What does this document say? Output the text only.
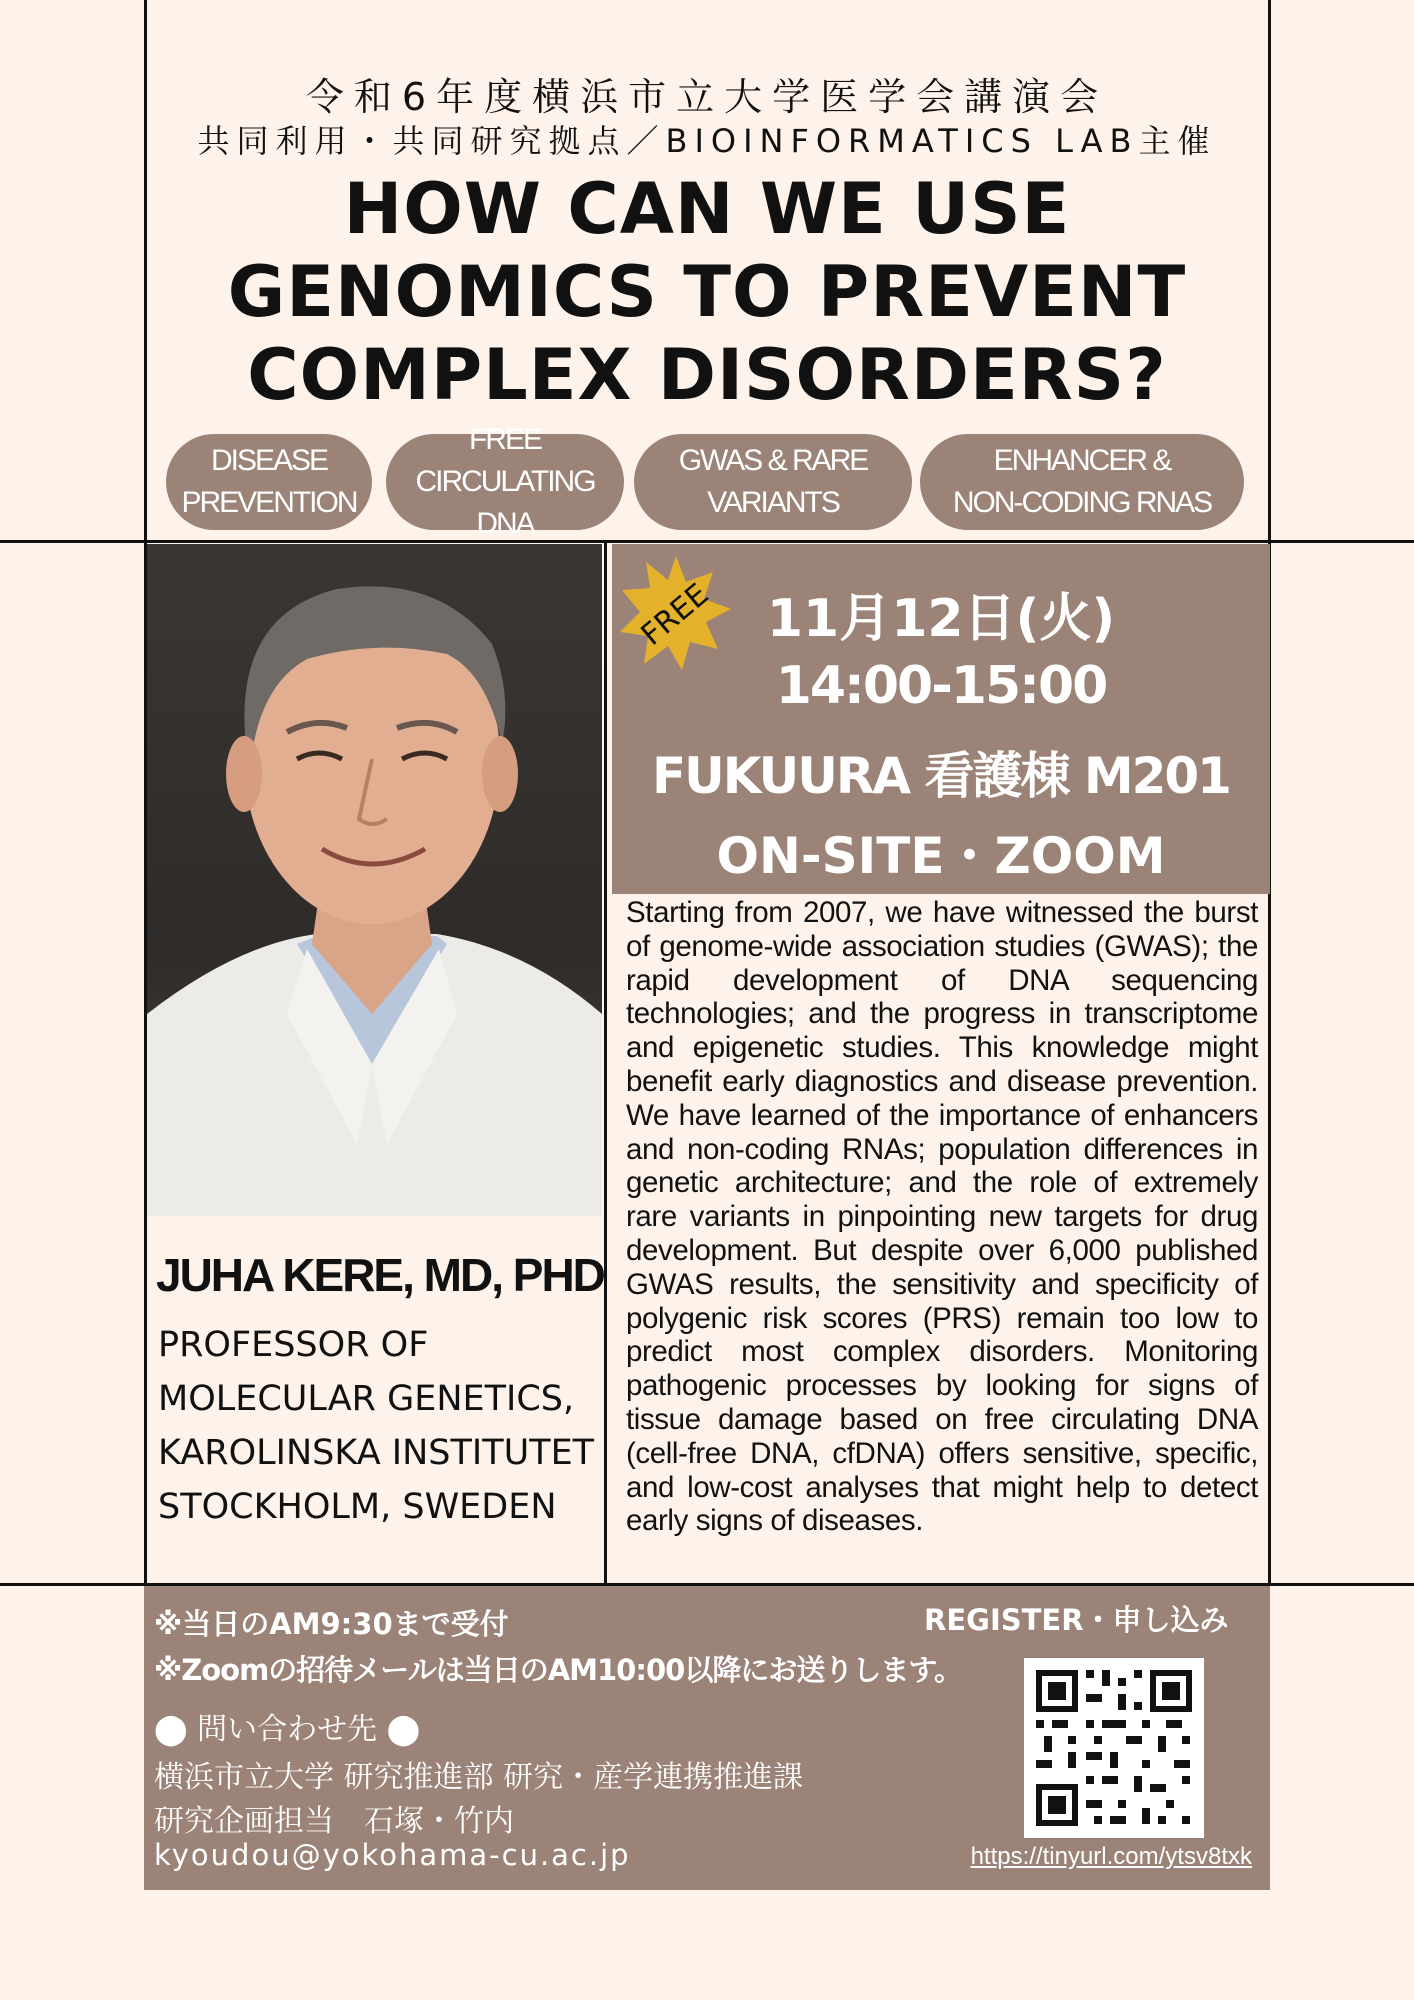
令和6年度横浜市立大学医学会講演会
共同利用・共同研究拠点／BIOINFORMATICS LAB主催
HOW CAN WE USE
GENOMICS TO PREVENT
COMPLEX DISORDERS?
DISEASE
PREVENTION
FREE
CIRCULATING DNA
GWAS & RARE
VARIANTS
ENHANCER &
NON-CODING RNAS
JUHA KERE, MD, PHD
PROFESSOR OF
MOLECULAR GENETICS,
KAROLINSKA INSTITUTET
STOCKHOLM, SWEDEN
FREE 11月12日(火)
14:00-15:00
FUKUURA 看護棟 M201
ON-SITE・ZOOM
Starting from 2007, we have witnessed the burst of genome-wide association studies (GWAS); the rapid development of DNA sequencing technologies; and the progress in transcriptome and epigenetic studies. This knowledge might benefit early diagnostics and disease prevention. We have learned of the importance of enhancers and non-coding RNAs; population differences in genetic architecture; and the role of extremely rare variants in pinpointing new targets for drug development. But despite over 6,000 published GWAS results, the sensitivity and specificity of polygenic risk scores (PRS) remain too low to predict most complex disorders. Monitoring pathogenic processes by looking for signs of tissue damage based on free circulating DNA (cell-free DNA, cfDNA) offers sensitive, specific, and low-cost analyses that might help to detect early signs of diseases.
※当日のAM9:30まで受付
※Zoomの招待メールは当日のAM10:00以降にお送りします。
REGISTER・申し込み
⬤ 問い合わせ先 ⬤
横浜市立大学 研究推進部 研究・産学連携推進課
研究企画担当　石塚・竹内
kyoudou@yokohama-cu.ac.jp	https://tinyurl.com/ytsv8txk
